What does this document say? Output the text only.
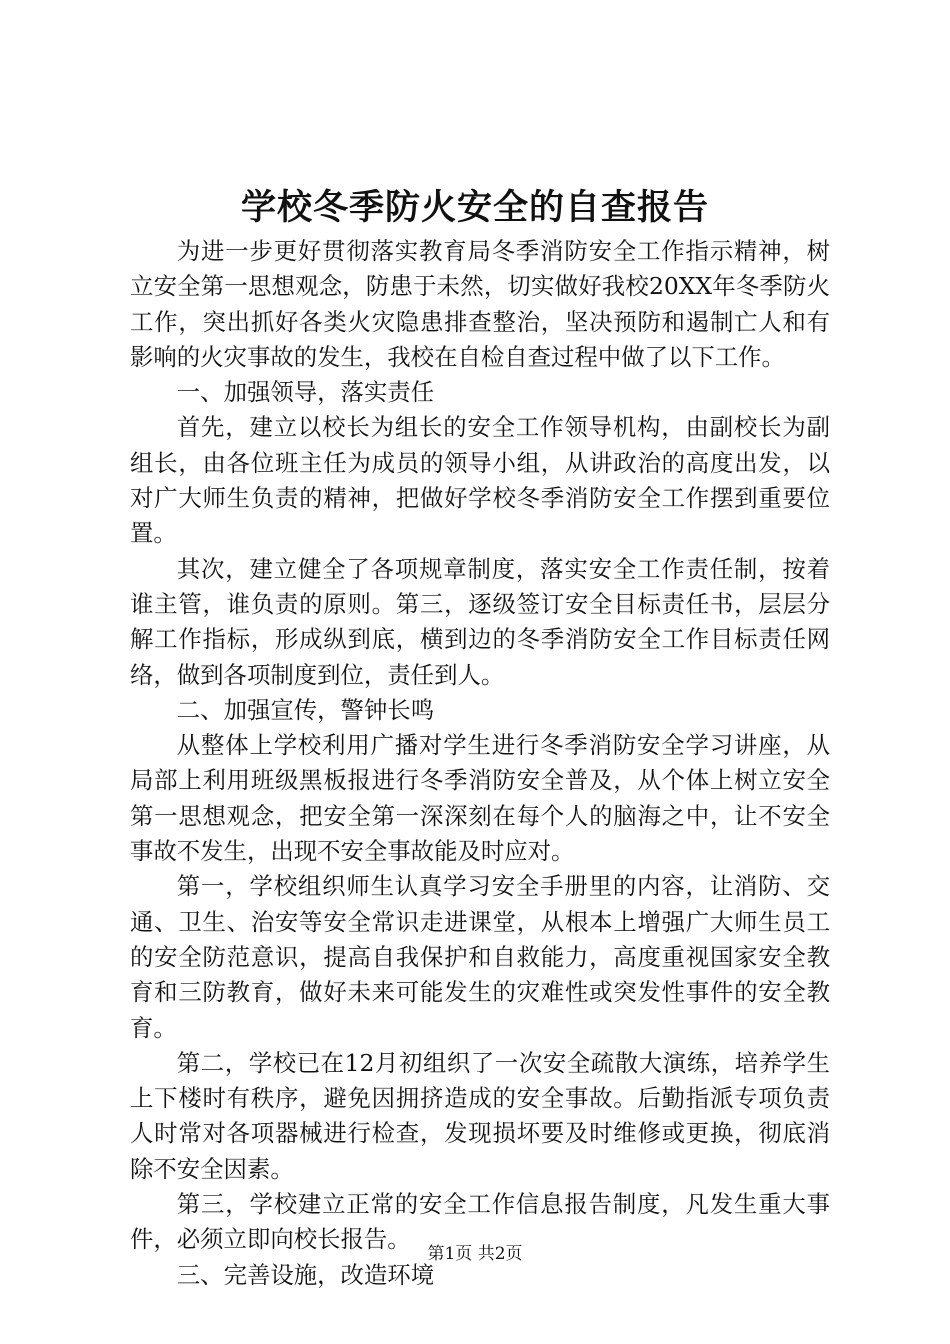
学校冬季防火安全的自查报告

为进一步更好贯彻落实教育局冬季消防安全工作指示精神，树立安全第一思想观念，防患于未然，切实做好我校20XX年冬季防火工作，突出抓好各类火灾隐患排查整治，坚决预防和遏制亡人和有影响的火灾事故的发生，我校在自检自查过程中做了以下工作。

一、加强领导，落实责任

首先，建立以校长为组长的安全工作领导机构，由副校长为副组长，由各位班主任为成员的领导小组，从讲政治的高度出发，以对广大师生负责的精神，把做好学校冬季消防安全工作摆到重要位置。

其次，建立健全了各项规章制度，落实安全工作责任制，按着谁主管，谁负责的原则。第三，逐级签订安全目标责任书，层层分解工作指标，形成纵到底，横到边的冬季消防安全工作目标责任网络，做到各项制度到位，责任到人。

二、加强宣传，警钟长鸣

从整体上学校利用广播对学生进行冬季消防安全学习讲座，从局部上利用班级黑板报进行冬季消防安全普及，从个体上树立安全第一思想观念，把安全第一深深刻在每个人的脑海之中，让不安全事故不发生，出现不安全事故能及时应对。

第一，学校组织师生认真学习安全手册里的内容，让消防、交通、卫生、治安等安全常识走进课堂，从根本上增强广大师生员工的安全防范意识，提高自我保护和自救能力，高度重视国家安全教育和三防教育，做好未来可能发生的灾难性或突发性事件的安全教育。

第二，学校已在12月初组织了一次安全疏散大演练，培养学生上下楼时有秩序，避免因拥挤造成的安全事故。后勤指派专项负责人时常对各项器械进行检查，发现损坏要及时维修或更换，彻底消除不安全因素。

第三，学校建立正常的安全工作信息报告制度，凡发生重大事件，必须立即向校长报告。

三、完善设施，改造环境

第1页 共2页
